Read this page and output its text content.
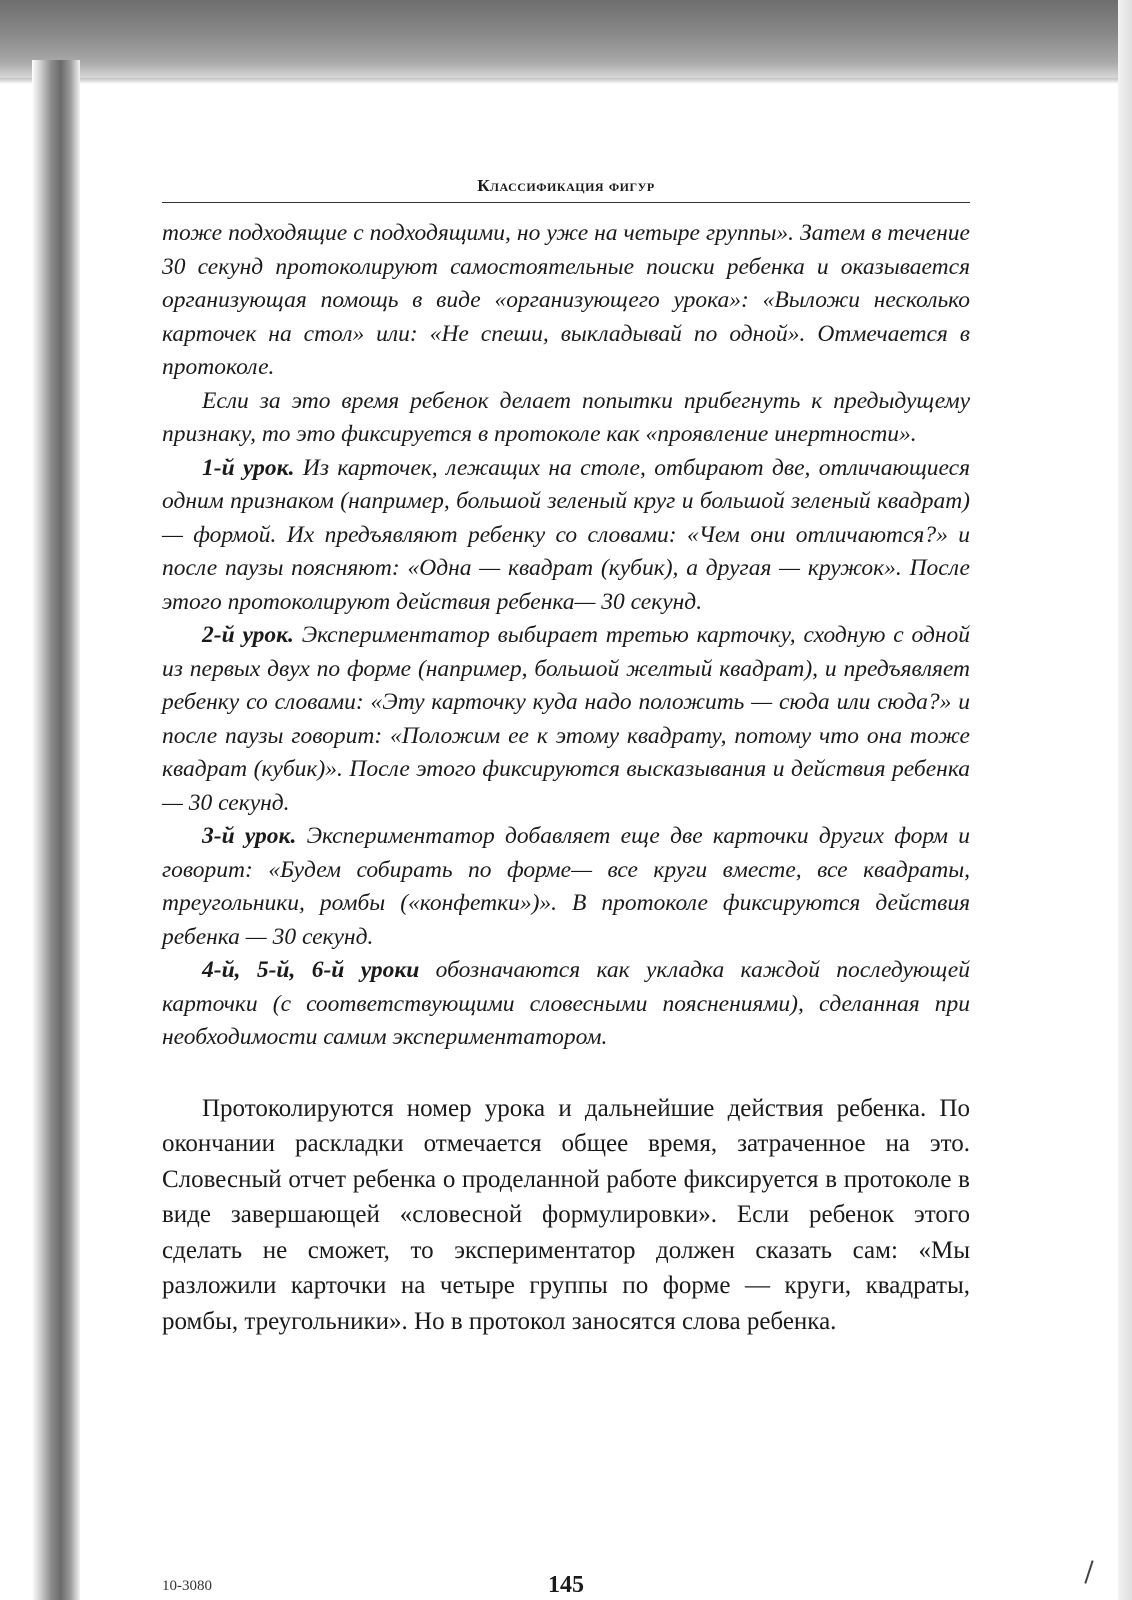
Классификация фигур

тоже подходящие с подходящими, но уже на четыре группы». Затем в течение 30 секунд протоколируют самостоятельные поиски ребенка и оказывается организующая помощь в виде «организующего урока»: «Выложи несколько карточек на стол» или: «Не спеши, выкладывай по одной». Отмечается в протоколе.

Если за это время ребенок делает попытки прибегнуть к предыдущему признаку, то это фиксируется в протоколе как «проявление инертности».

1-й урок. Из карточек, лежащих на столе, отбирают две, отличающиеся одним признаком (например, большой зеленый круг и большой зеленый квадрат) — формой. Их предъявляют ребенку со словами: «Чем они отличаются?» и после паузы поясняют: «Одна — квадрат (кубик), а другая — кружок». После этого протоколируют действия ребенка— 30 секунд.

2-й урок. Экспериментатор выбирает третью карточку, сходную с одной из первых двух по форме (например, большой желтый квадрат), и предъявляет ребенку со словами: «Эту карточку куда надо положить — сюда или сюда?» и после паузы говорит: «Положим ее к этому квадрату, потому что она тоже квадрат (кубик)». После этого фиксируются высказывания и действия ребенка — 30 секунд.

3-й урок. Экспериментатор добавляет еще две карточки других форм и говорит: «Будем собирать по форме— все круги вместе, все квадраты, треугольники, ромбы («конфетки»)». В протоколе фиксируются действия ребенка — 30 секунд.

4-й, 5-й, 6-й уроки обозначаются как укладка каждой последующей карточки (с соответствующими словесными пояснениями), сделанная при необходимости самим экспериментатором.

Протоколируются номер урока и дальнейшие действия ребенка. По окончании раскладки отмечается общее время, затраченное на это. Словесный отчет ребенка о проделанной работе фиксируется в протоколе в виде завершающей «словесной формулировки». Если ребенок этого сделать не сможет, то экспериментатор должен сказать сам: «Мы разложили карточки на четыре группы по форме — круги, квадраты, ромбы, треугольники». Но в протокол заносятся слова ребенка.

10-3080	145
